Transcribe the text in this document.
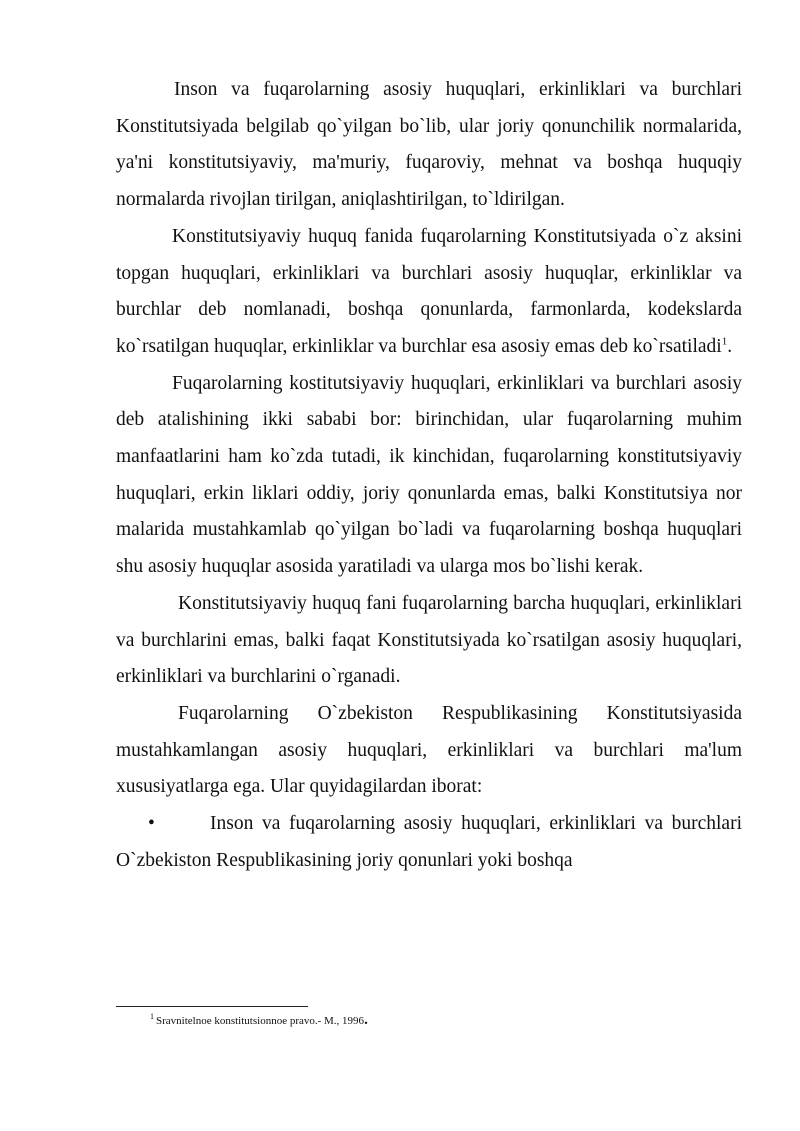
Inson va fuqarolarning asosiy huquqlari, erkinliklari va burchlari Konstitutsiyada belgilab qo`yilgan bo`lib, ular joriy qonunchilik normalarida, ya'ni konstitutsiyaviy, ma'muriy, fuqaroviy, mehnat va boshqa huquqiy normalarda rivojlan tirilgan, aniqlashtirilgan, to`ldirilgan.

Konstitutsiyaviy huquq fanida fuqarolarning Konstitutsiyada o`z aksini topgan huquqlari, erkinliklari va burchlari asosiy huquqlar, erkinliklar va burchlar deb nomlanadi, boshqa qonunlarda, farmonlarda, kodekslarda ko`rsatilgan huquqlar, erkinliklar va burchlar esa asosiy emas deb ko`rsatiladi$^1$.

Fuqarolarning kostitutsiyaviy huquqlari, erkinliklari va burchlari asosiy deb atalishining ikki sababi bor: birinchidan, ular fuqarolarning muhim manfaatlarini ham ko`zda tutadi, ik kinchidan, fuqarolarning konstitutsiyaviy huquqlari, erkin liklari oddiy, joriy qonunlarda emas, balki Konstitutsiya nor malarida mustahkamlab qo`yilgan bo`ladi va fuqarolarning boshqa huquqlari shu asosiy huquqlar asosida yaratiladi va ularga mos bo`lishi kerak.

Konstitutsiyaviy huquq fani fuqarolarning barcha huquqlari, erkinliklari va burchlarini emas, balki faqat Konstitutsiyada ko`rsatilgan asosiy huquqlari, erkinliklari va burchlarini o`rganadi.

Fuqarolarning O`zbekiston Respublikasining Konstitutsiyasida mustahkamlangan asosiy huquqlari, erkinliklari va burchlari ma'lum xususiyatlarga ega. Ular quyidagilardan iborat:

•	Inson va fuqarolarning asosiy huquqlari, erkinliklari va burchlari O`zbekiston Respublikasining joriy qonunlari yoki boshqa

$^1$ Sravnitelnoe konstitutsionnoe pravo.- M., 1996.
